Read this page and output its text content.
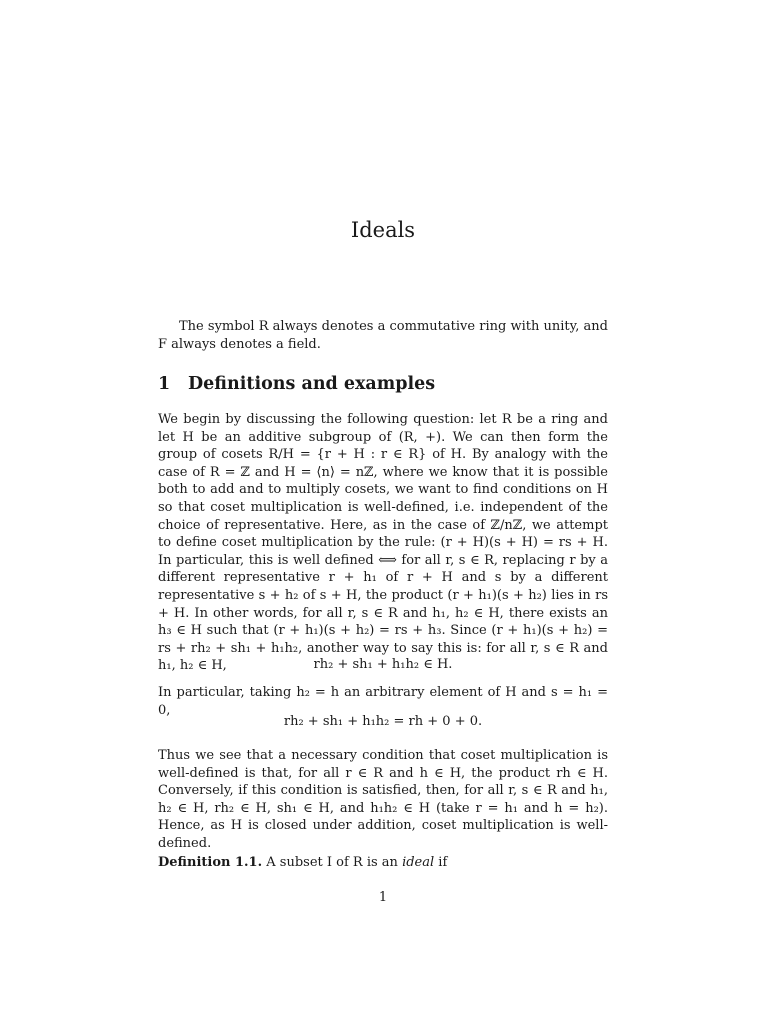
Ideals

The symbol R always denotes a commutative ring with unity, and F always denotes a field.

1 Definitions and examples

We begin by discussing the following question: let R be a ring and let H be an additive subgroup of (R, +). We can then form the group of cosets R/H = {r + H : r ∈ R} of H. By analogy with the case of R = ℤ and H = ⟨n⟩ = nℤ, where we know that it is possible both to add and to multiply cosets, we want to find conditions on H so that coset multiplication is well-defined, i.e. independent of the choice of representative. Here, as in the case of ℤ/nℤ, we attempt to define coset multiplication by the rule: (r + H)(s + H) = rs + H. In particular, this is well defined ⟺ for all r, s ∈ R, replacing r by a different representative r + h₁ of r + H and s by a different representative s + h₂ of s + H, the product (r + h₁)(s + h₂) lies in rs + H. In other words, for all r, s ∈ R and h₁, h₂ ∈ H, there exists an h₃ ∈ H such that (r + h₁)(s + h₂) = rs + h₃. Since (r + h₁)(s + h₂) = rs + rh₂ + sh₁ + h₁h₂, another way to say this is: for all r, s ∈ R and h₁, h₂ ∈ H,	rh₂ + sh₁ + h₁h₂ ∈ H.

In particular, taking h₂ = h an arbitrary element of H and s = h₁ = 0,

rh₂ + sh₁ + h₁h₂ = rh + 0 + 0.

Thus we see that a necessary condition that coset multiplication is well-defined is that, for all r ∈ R and h ∈ H, the product rh ∈ H. Conversely, if this condition is satisfied, then, for all r, s ∈ R and h₁, h₂ ∈ H, rh₂ ∈ H, sh₁ ∈ H, and h₁h₂ ∈ H (take r = h₁ and h = h₂). Hence, as H is closed under addition, coset multiplication is well-defined.

Definition 1.1. A subset I of R is an ideal if

1
